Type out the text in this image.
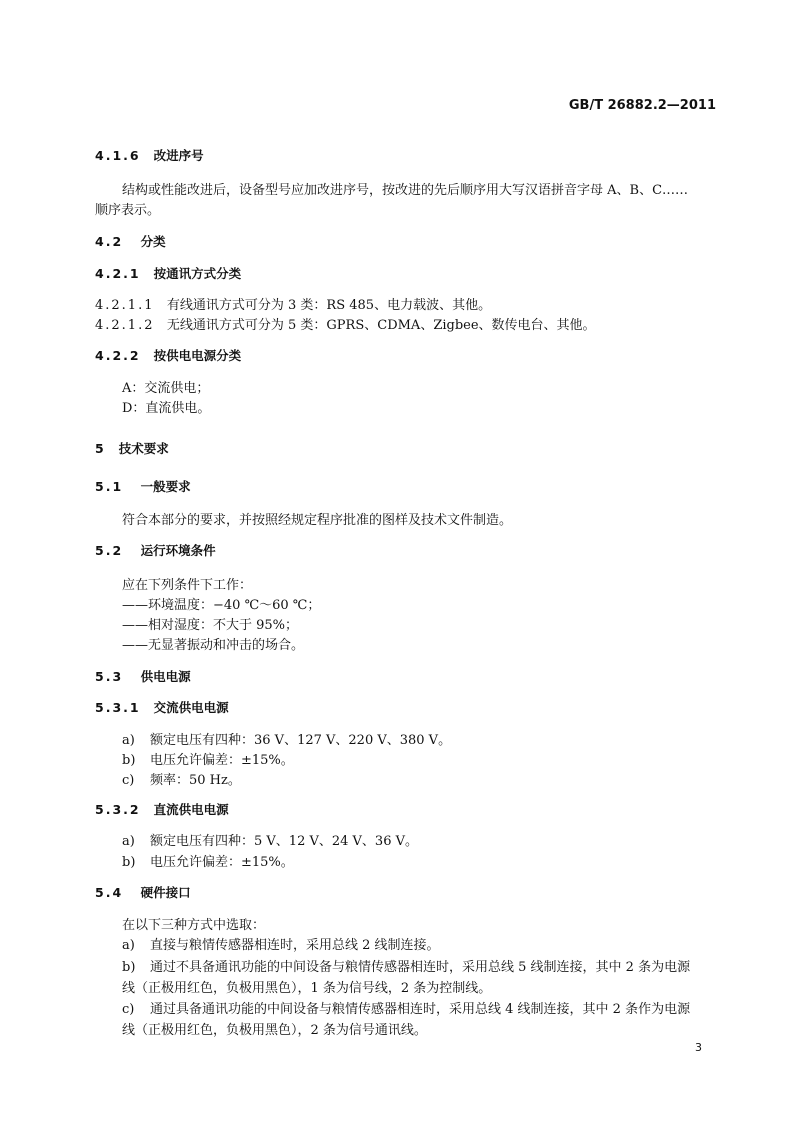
GB/T 26882.2—2011
4.1.6 改进序号
结构或性能改进后，设备型号应加改进序号，按改进的先后顺序用大写汉语拼音字母 A、B、C……
顺序表示。
4.2 分类
4.2.1 按通讯方式分类
4.2.1.1 有线通讯方式可分为 3 类：RS 485、电力载波、其他。
4.2.1.2 无线通讯方式可分为 5 类：GPRS、CDMA、Zigbee、数传电台、其他。
4.2.2 按供电电源分类
A：交流供电；
D：直流供电。
5 技术要求
5.1 一般要求
符合本部分的要求，并按照经规定程序批准的图样及技术文件制造。
5.2 运行环境条件
应在下列条件下工作：
——环境温度：−40 ℃～60 ℃；
——相对湿度：不大于 95%；
——无显著振动和冲击的场合。
5.3 供电电源
5.3.1 交流供电电源
a) 额定电压有四种：36 V、127 V、220 V、380 V。
b) 电压允许偏差：±15%。
c) 频率：50 Hz。
5.3.2 直流供电电源
a) 额定电压有四种：5 V、12 V、24 V、36 V。
b) 电压允许偏差：±15%。
5.4 硬件接口
在以下三种方式中选取：
a) 直接与粮情传感器相连时，采用总线 2 线制连接。
b) 通过不具备通讯功能的中间设备与粮情传感器相连时，采用总线 5 线制连接，其中 2 条为电源
线（正极用红色，负极用黑色），1 条为信号线，2 条为控制线。
c) 通过具备通讯功能的中间设备与粮情传感器相连时，采用总线 4 线制连接，其中 2 条作为电源
线（正极用红色，负极用黑色），2 条为信号通讯线。
3
